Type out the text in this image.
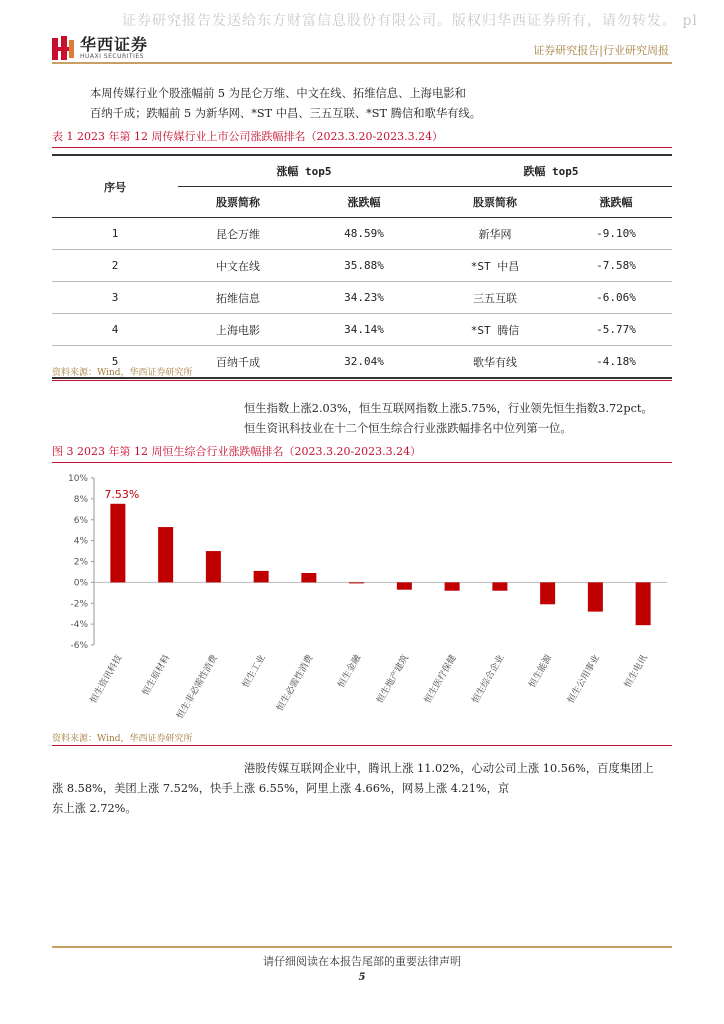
证券研究报告发送给东方财富信息股份有限公司。版权归华西证券所有，请勿转发。 pl
华西证券
HUAXI SECURITIES	证券研究报告|行业研究周报
本周传媒行业个股涨幅前 5 为昆仑万维、中文在线、拓维信息、上海电影和
百纳千成；跌幅前 5 为新华网、*ST 中昌、三五互联、*ST 腾信和歌华有线。
表 1 2023 年第 12 周传媒行业上市公司涨跌幅排名（2023.3.20-2023.3.24）
序号	涨幅 top5		跌幅 top5	
	股票简称	涨跌幅	股票简称	涨跌幅
1	昆仑万维	48.59%	新华网	-9.10%
2	中文在线	35.88%	*ST 中昌	-7.58%
3	拓维信息	34.23%	三五互联	-6.06%
4	上海电影	34.14%	*ST 腾信	-5.77%
5	百纳千成	32.04%	歌华有线	-4.18%
资料来源：Wind，华西证券研究所
恒生指数上涨2.03%，恒生互联网指数上涨5.75%，行业领先恒生指数3.72pct。
恒生资讯科技业在十二个恒生综合行业涨跌幅排名中位列第一位。
图 3 2023 年第 12 周恒生综合行业涨跌幅排名（2023.3.20-2023.3.24）
10%
8%
6%
4%
2%
0%
-2%
-4%
-6%
恒生资讯科技
7.53%
恒生原材料 恒生非必需性消费 恒生工业 恒生必需性消费 恒生金融 恒生地产建筑 恒生医疗保健 恒生综合企业 恒生能源 恒生公用事业 恒生电讯
资料来源：Wind，华西证券研究所
港股传媒互联网企业中，腾讯上涨 11.02%，心动公司上涨 10.56%，百度集团上
涨 8.58%，美团上涨 7.52%，快手上涨 6.55%，阿里上涨 4.66%，网易上涨 4.21%，京
东上涨 2.72%。
请仔细阅读在本报告尾部的重要法律声明
5
